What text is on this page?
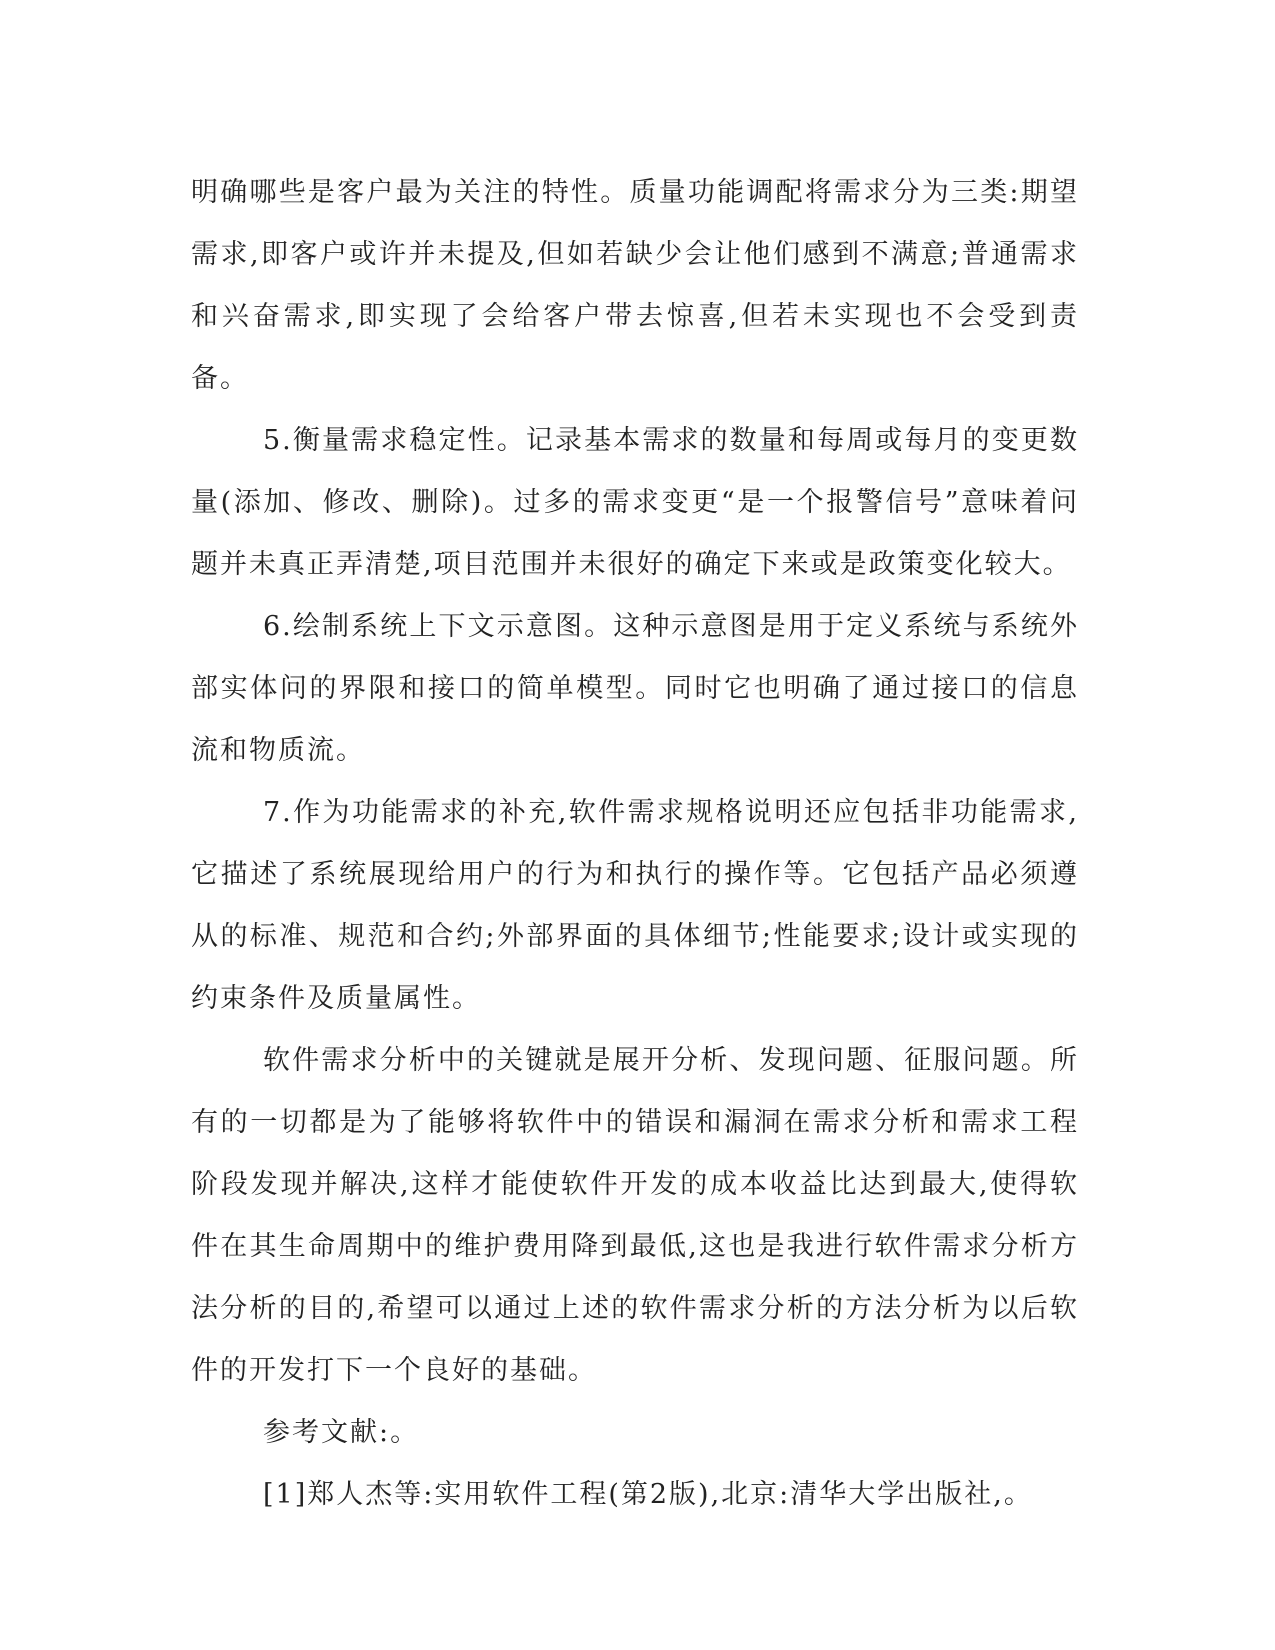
明确哪些是客户最为关注的特性。质量功能调配将需求分为三类:期望需求,即客户或许并未提及,但如若缺少会让他们感到不满意;普通需求和兴奋需求,即实现了会给客户带去惊喜,但若未实现也不会受到责备。

5.衡量需求稳定性。记录基本需求的数量和每周或每月的变更数量(添加、修改、删除)。过多的需求变更“是一个报警信号”意味着问题并未真正弄清楚,项目范围并未很好的确定下来或是政策变化较大。

6.绘制系统上下文示意图。这种示意图是用于定义系统与系统外部实体问的界限和接口的简单模型。同时它也明确了通过接口的信息流和物质流。

7.作为功能需求的补充,软件需求规格说明还应包括非功能需求,它描述了系统展现给用户的行为和执行的操作等。它包括产品必须遵从的标准、规范和合约;外部界面的具体细节;性能要求;设计或实现的约束条件及质量属性。

软件需求分析中的关键就是展开分析、发现问题、征服问题。所有的一切都是为了能够将软件中的错误和漏洞在需求分析和需求工程阶段发现并解决,这样才能使软件开发的成本收益比达到最大,使得软件在其生命周期中的维护费用降到最低,这也是我进行软件需求分析方法分析的目的,希望可以通过上述的软件需求分析的方法分析为以后软件的开发打下一个良好的基础。

参考文献:。

[1]郑人杰等:实用软件工程(第2版),北京:清华大学出版社,。
